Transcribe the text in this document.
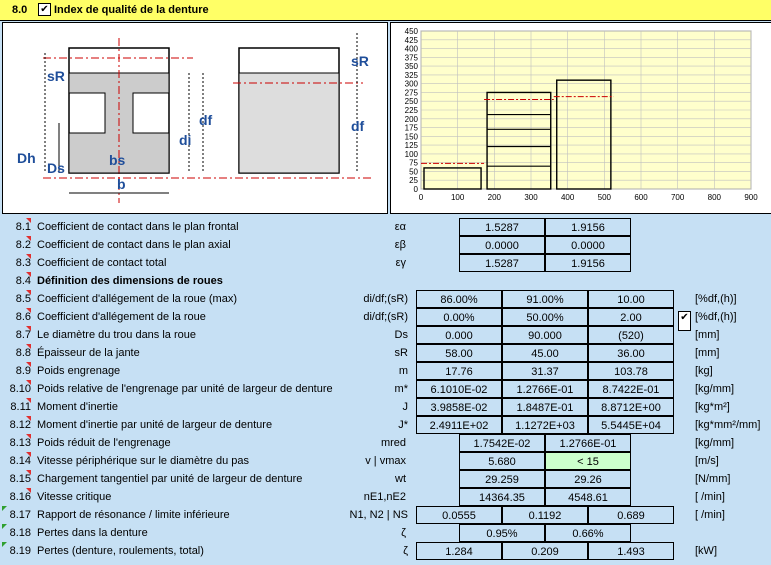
8.0 ✔ Index de qualité de la denture
sR
sR
di
df	df
Dh
Ds	bs
b	0
25
50
75
100
125
150
175
200
225
250
275
300
325
350
375
400
425
450
0	100	200	300	400	500	600	700	800	900
8.1 Coefficient de contact dans le plan frontal	εα	1.5287	1.9156
8.2 Coefficient de contact dans le plan axial	εβ	0.0000	0.0000
8.3 Coefficient de contact total	εγ	1.5287	1.9156
8.4 Définition des dimensions de roues
8.5 Coefficient d'allégement de la roue (max)	di/df;(sR)	86.00%	91.00%	10.00	[%df,(h)]
8.6 Coefficient d'allégement de la roue	di/df;(sR)	0.00%	50.00%	2.00	✔ [%df,(h)]
8.7 Le diamètre du trou dans la roue	Ds	0.000	90.000	(520)	[mm]
8.8 Épaisseur de la jante	sR	58.00	45.00	36.00	[mm]
8.9 Poids engrenage	m	17.76	31.37	103.78	[kg]
8.10 Poids relative de l'engrenage par unité de largeur de denture	m*	6.1010E-02	1.2766E-01	8.7422E-01	[kg/mm]
8.11 Moment d'inertie	J	3.9858E-02	1.8487E-01	8.8712E+00	[kg*m²]
8.12 Moment d'inertie par unité de largeur de denture	J*	2.4911E+02	1.1272E+03	5.5445E+04	[kg*mm²/mm]
8.13 Poids réduit de l'engrenage	mred	1.7542E-02	1.2766E-01	[kg/mm]
8.14 Vitesse périphérique sur le diamètre du pas	v | vmax	5.680	< 15	[m/s]
8.15 Chargement tangentiel par unité de largeur de denture	wt	29.259	29.26	[N/mm]
8.16 Vitesse critique	nE1,nE2	14364.35	4548.61	[ /min]
8.17 Rapport de résonance / limite inférieure	N1, N2 | NS	0.0555	0.1192	0.689	[ /min]
8.18 Pertes dans la denture	ζ	0.95%	0.66%
8.19 Pertes (denture, roulements, total)	ζ	1.284	0.209	1.493	[kW]
